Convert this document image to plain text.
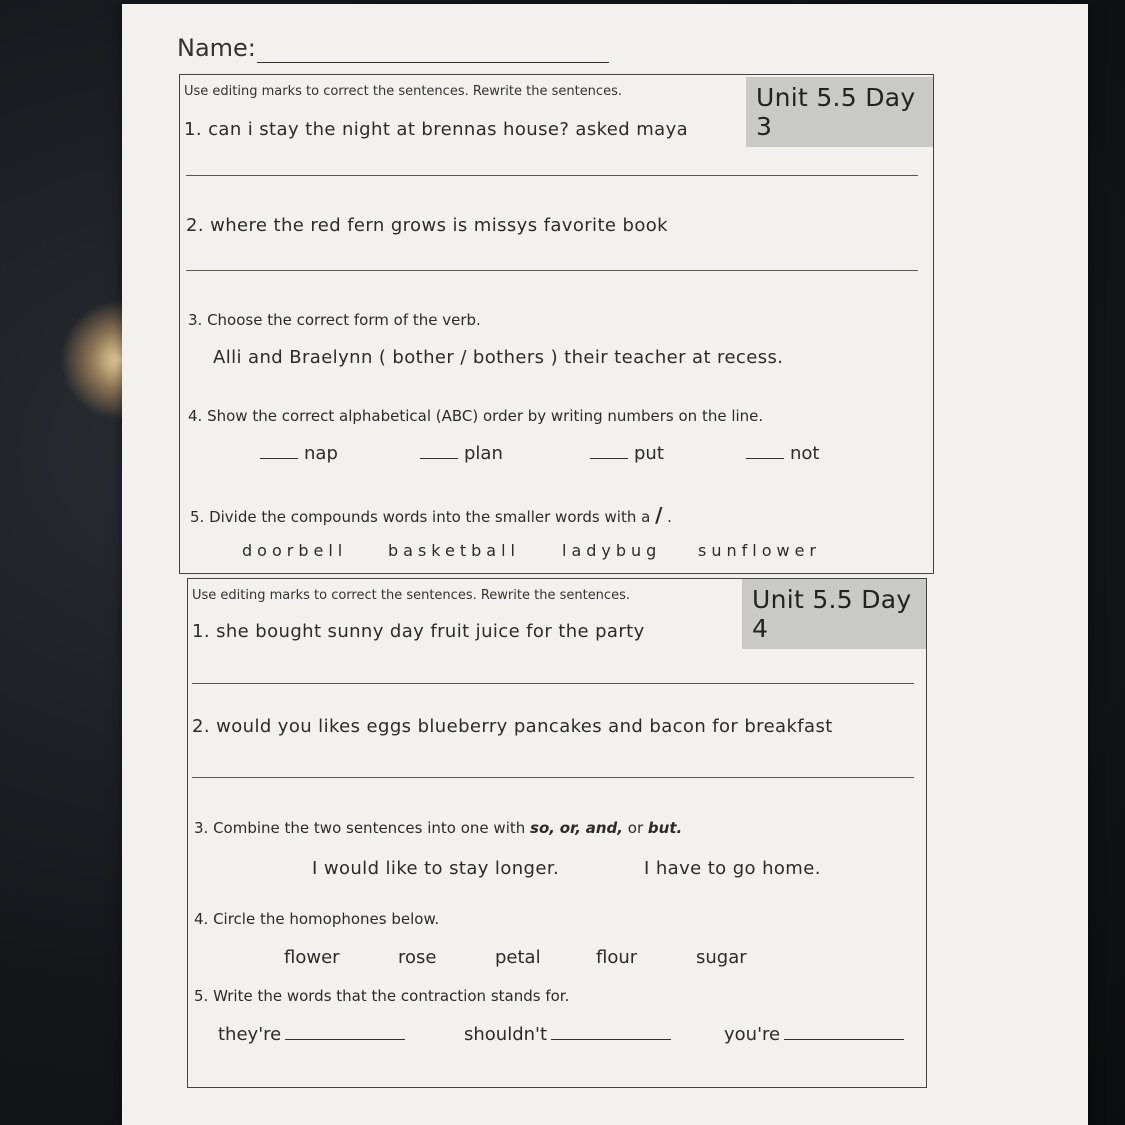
Name:
Use editing marks to correct the sentences. Rewrite the sentences.	Unit 5.5 Day 3
1. can i stay the night at brennas house? asked maya
2. where the red fern grows is missys favorite book
3. Choose the correct form of the verb.
Alli and Braelynn ( bother / bothers ) their teacher at recess.
4. Show the correct alphabetical (ABC) order by writing numbers on the line.
nap	plan	put	not
5. Divide the compounds words into the smaller words with a / .
doorbell	basketball	ladybug sunflower
Use editing marks to correct the sentences. Rewrite the sentences.	Unit 5.5 Day 4
1. she bought sunny day fruit juice for the party
2. would you likes eggs blueberry pancakes and bacon for breakfast
3. Combine the two sentences into one with so, or, and, or but.
I would like to stay longer.	I have to go home.
4. Circle the homophones below.
flower	rose	petal	flour	sugar
5. Write the words that the contraction stands for.
they're	shouldn't	you're
